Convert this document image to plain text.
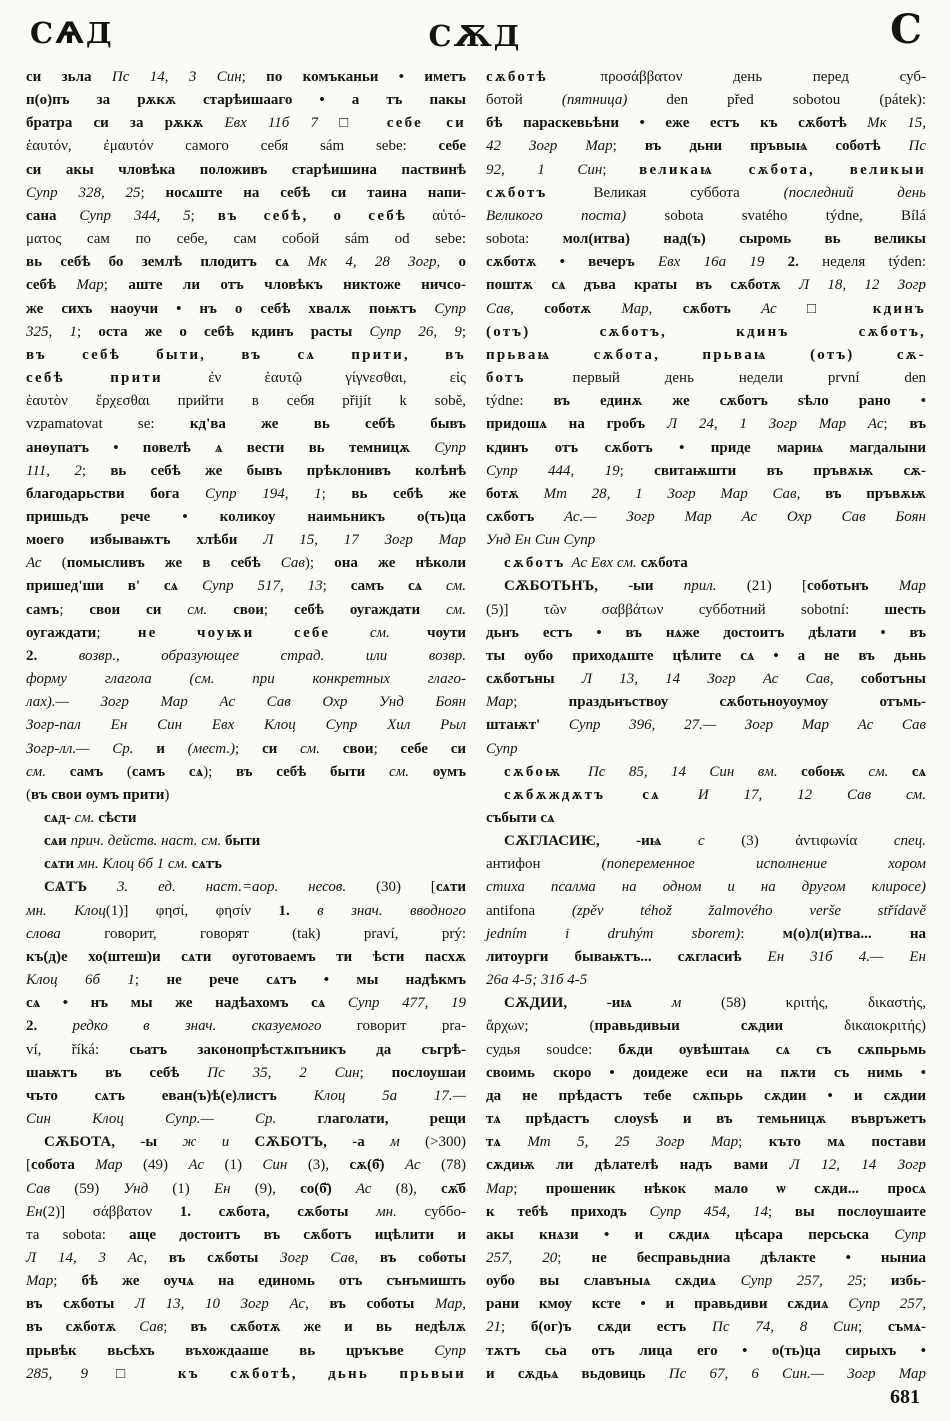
СѦД	СѪД	С
си зьла Пс 14, 3 Син; по комъканьи • иметъ
п(о)пъ за рѫкѫ старѣишааго • а тъ пакы
братра си за рѫкѫ Евх 11б 7 □ себе си
ἑαυτόν, ἐμαυτόν самого себя sám sebe: себе
си акы чловѣка положивъ старѣишина паствинѣ
Супр 328, 25; носѧште на себѣ си таина напи-
сана Супр 344, 5; въ себѣ, о себѣ αὐτό-
ματος сам по себе, сам собой sám od sebe:
вь себѣ бо землѣ плодитъ сѧ Мк 4, 28 Зогр, о
себѣ Мар; аште ли отъ чловѣкъ никтоже ничсо-
же сихъ наоучи • нъ о себѣ хвалѫ поѭтъ Супр
325, 1; оста же о себѣ кдинъ расты Супр 26, 9;
въ себѣ быти, въ сѧ прити, въ
себѣ прити ἐν ἑαυτῷ γίγνεσθαι, εἰς
ἑαυτὸν ἔρχεσθαι прийти в себя přijít k sobě,
vzpamatovat se: кд'ва же вь себѣ бывъ
анѳупатъ • повелѣ ѧ вести вь темницѫ Супр
111, 2; вь себѣ же бывъ прѣклонивъ колѣнѣ
благодарьстви бога Супр 194, 1; вь себѣ же
пришьдъ рече • коликоу наимьникъ о(ть)ца
моего избываѭтъ хлѣби Л 15, 17 Зогр Мар
Ас (помысливъ же в себѣ Сав); она же нѣколи
пришед'ши в' сѧ Супр 517, 13; самъ сѧ см.
самъ; свои си см. свои; себѣ оугаждати см.
оугаждати; не чоуѭи себе см. чоути
2. возвр., образующее страд. или возвр.
форму глагола (см. при конкретных глаго-
лах).— Зогр Мар Ас Сав Охр Унд Боян
Зогр-пал Ен Син Евх Клоц Супр Хил Рыл
Зогр-лл.— Ср. и (мест.); си см. свои; себе си
см. самъ (самъ сѧ); въ себѣ быти см. оумъ
(въ свои оумъ прити)
сѧд- см. сѣсти
сѧи прич. действ. наст. см. быти
сѧти мн. Клоц 6б 1 см. сѧтъ
СѦТЪ 3. ед. наст.=аор. несов. (30) [сѧти
мн. Клоц(1)] φησί, φησίν 1. в знач. вводного
слова говорит, говорят (tak) praví, prý:
къ(д)е хо(штеш)и сѧти оуготоваемъ ти ѣсти пасхѫ
Клоц 6б 1; не рече сѧтъ • мы надѣкмъ
сѧ • нъ мы же надѣахомъ сѧ Супр 477, 19
2. редко в знач. сказуемого говорит pra-
ví, říká: сьатъ законопрѣстѫпъникъ да съгрѣ-
шаѭтъ въ себѣ Пс 35, 2 Син; послоушаи
чъто сѧтъ еван(ъ)ѣ(е)листъ Клоц 5а 17.—
Син Клоц Супр.— Ср. глаголати, рещи
СѪБОТА, -ы ж и СѪБОТЪ, -а м (>300)
[собота Мар (49) Ас (1) Син (3), сѫ(б̄) Ас (78)
Сав (59) Унд (1) Ен (9), со(б̄) Ас (8), сѫ̄б
Ен(2)] σάββατον 1. сѫбота, сѫботы мн. суббо-
та sobota: аще достоитъ въ сѫботъ ицѣлити и
Л 14, 3 Ас, въ сѫботы Зогр Сав, въ соботы
Мар; бѣ же оучѧ на единомь отъ сънъмишть
въ сѫботы Л 13, 10 Зогр Ас, въ соботы Мар,
въ сѫботѫ Сав; въ сѫботѫ же и вь недѣлѫ
прьвѣк вьсѣхъ въхождааше вь цръкъве Супр
285, 9 □ къ сѫботѣ, дьнь прьвыи
сѫботѣ προσάββατον день перед суб-
ботой (пятница) den před sobotou (pátek):
бѣ параскевьѣни • еже естъ къ сѫботѣ Мк 15,
42 Зогр Мар; въ дьни пръвыѩ соботѣ Пс
92, 1 Син; великаѩ сѫбота, великыи
сѫботъ Великая суббота (последний день
Великого поста) sobota svatého týdne, Bílá
sobota: мол(итва) над(ъ) сыромь вь великы
сѫботѫ • вечеръ Евх 16а 19 2. неделя týden:
поштѫ сѧ дъва краты въ сѫботѫ Л 18, 12 Зогр
Сав, соботѫ Мар, сѫботъ Ас □ кдинъ
(отъ) сѫботъ, кдинъ сѫботъ,
прьваѩ сѫбота, прьваѩ (отъ) сѫ-
ботъ первый день недели první den
týdne: въ единѫ же сѫботъ ѕѣло рано •
придошѧ на гробъ Л 24, 1 Зогр Мар Ас; въ
кдинъ отъ сѫботъ • приде мариѩ магдалыни
Супр 444, 19; свитаѭшти въ пръвѫѭ сѫ-
ботѫ Мт 28, 1 Зогр Мар Сав, въ пръвѫѭ
сѫботъ Ас.— Зогр Мар Ас Охр Сав Боян
Унд Ен Син Супр
сѫботъ Ас Евх см. сѫбота
СѪБОТЬНЪ, -ыи прил. (21) [соботьнъ Мар
(5)] τῶν σαββάτων субботний sobotní: шесть
дьнъ естъ • въ нѧже достоитъ дѣлати • въ
ты оубо приходѧште цѣлите сѧ • а не въ дьнь
сѫботъны Л 13, 14 Зогр Ас Сав, соботъны
Мар; праздьнъствоу сѫботьноуоумоу отъмь-
штаѭт' Супр 396, 27.— Зогр Мар Ас Сав
Супр
сѫбоѭ Пс 85, 14 Син вм. собоѭ см. сѧ
сѫбѫждѫтъ сѧ И 17, 12 Сав см.
събыти сѧ
СѪГЛАСИѤ, -иѩ с (3) ἀντιφωνία спец.
антифон (попеременное исполнение хором
стиха псалма на одном и на другом клиросе)
antifona (zpěv téhož žalmového verše střídavě
jedním i druhým sborem): м(о)л(и)тва... на
литоурги бываѭтъ... сѫгласиѣ Ен 31б 4.— Ен
26а 4-5; 31б 4-5
СѪДИИ, -иѩ м (58) κριτής, δικαστής,
ἄρχων; (правьдивыи сѫдии δικαιοκριτής)
судья soudce: бѫди оувѣштаѩ сѧ съ сѫпьрьмь
своимь скоро • доидеже еси на пѫти съ нимь •
да не прѣдастъ тебе сѫпьрь сѫдии • и сѫдии
тѧ прѣдастъ слоуѕѣ и въ темьницѫ въвръжетъ
тѧ Мт 5, 25 Зогр Мар; къто мѧ постави
сѫдиѭ ли дѣлателѣ надъ вами Л 12, 14 Зогр
Мар; прошеник нѣкок мало ѡ сѫди... просѧ
к тебѣ приходъ Супр 454, 14; вы послоушаите
акы кнѧзи • и сѫдиѧ цѣсара персьска Супр
257, 20; не бесправьдниа дѣлакте • ныниа
оубо вы славъныѧ сѫдиѧ Супр 257, 25; избь-
рани кмоу ксте • и правьдиви сѫдиѧ Супр 257,
21; б(ог)ъ сѫди естъ Пс 74, 8 Син; съмѧ-
тѫтъ сьа отъ лица его • о(ть)ца сирыхъ •
и сѫдьѧ вьдовиць Пс 67, 6 Син.— Зогр Мар
681
